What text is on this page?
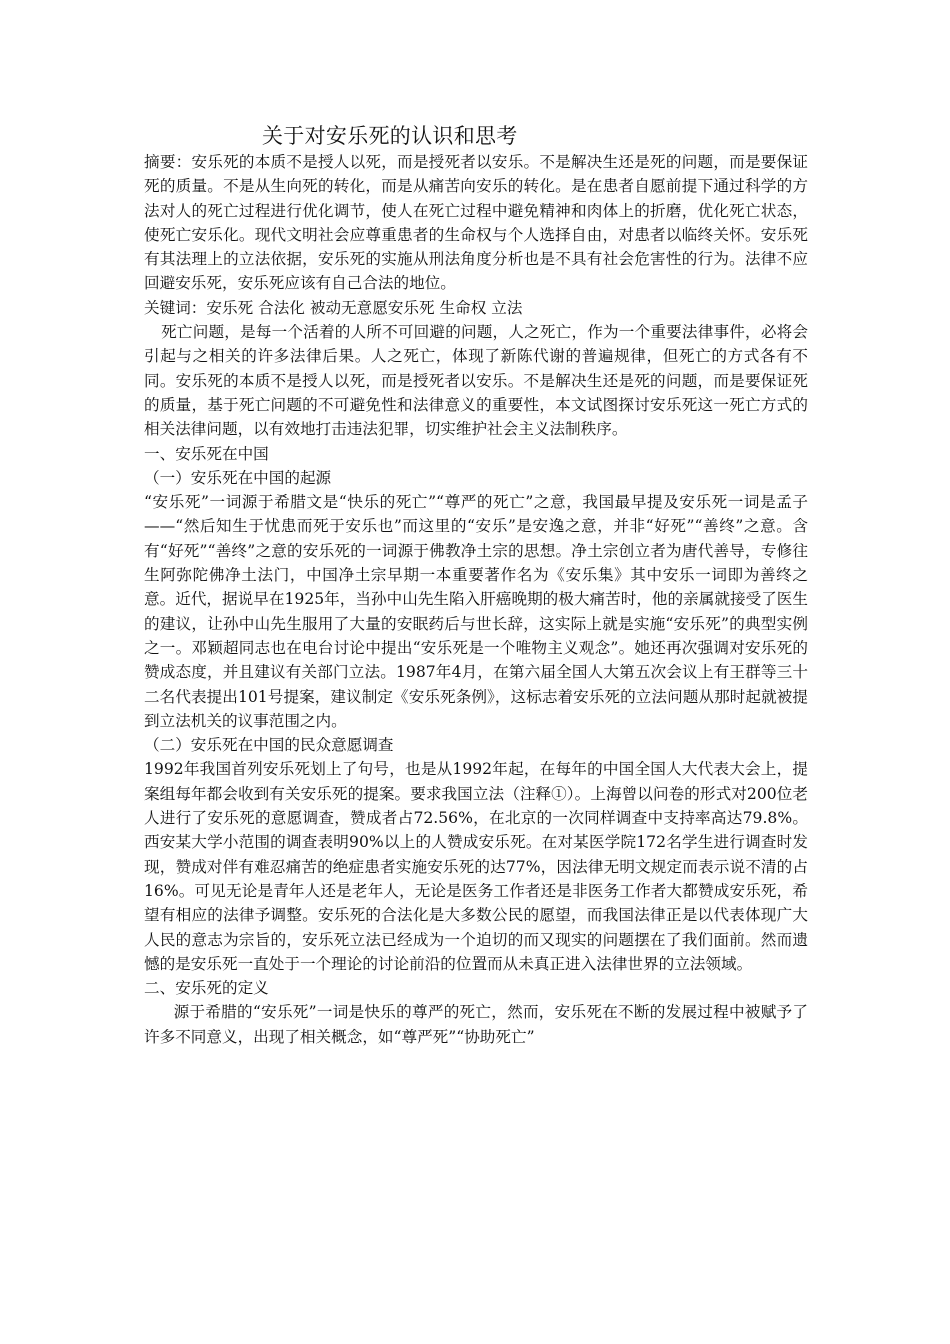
关于对安乐死的认识和思考

摘要：安乐死的本质不是授人以死，而是授死者以安乐。不是解决生还是死的问题，而是要保证死的质量。不是从生向死的转化，而是从痛苦向安乐的转化。是在患者自愿前提下通过科学的方法对人的死亡过程进行优化调节，使人在死亡过程中避免精神和肉体上的折磨，优化死亡状态，使死亡安乐化。现代文明社会应尊重患者的生命权与个人选择自由，对患者以临终关怀。安乐死有其法理上的立法依据，安乐死的实施从刑法角度分析也是不具有社会危害性的行为。法律不应回避安乐死，安乐死应该有自己合法的地位。

关键词：安乐死 合法化 被动无意愿安乐死 生命权 立法

死亡问题，是每一个活着的人所不可回避的问题，人之死亡，作为一个重要法律事件，必将会引起与之相关的许多法律后果。人之死亡，体现了新陈代谢的普遍规律，但死亡的方式各有不同。安乐死的本质不是授人以死，而是授死者以安乐。不是解决生还是死的问题，而是要保证死的质量，基于死亡问题的不可避免性和法律意义的重要性，本文试图探讨安乐死这一死亡方式的相关法律问题，以有效地打击违法犯罪，切实维护社会主义法制秩序。

一、安乐死在中国

（一）安乐死在中国的起源

“安乐死”一词源于希腊文是“快乐的死亡”“尊严的死亡”之意，我国最早提及安乐死一词是孟子——“然后知生于忧患而死于安乐也”而这里的“安乐”是安逸之意，并非“好死”“善终”之意。含有“好死”“善终”之意的安乐死的一词源于佛教净土宗的思想。净土宗创立者为唐代善导，专修往生阿弥陀佛净土法门，中国净土宗早期一本重要著作名为《安乐集》其中安乐一词即为善终之意。近代，据说早在1925年，当孙中山先生陷入肝癌晚期的极大痛苦时，他的亲属就接受了医生的建议，让孙中山先生服用了大量的安眠药后与世长辞，这实际上就是实施“安乐死”的典型实例之一。邓颖超同志也在电台讨论中提出“安乐死是一个唯物主义观念”。她还再次强调对安乐死的赞成态度，并且建议有关部门立法。1987年4月，在第六届全国人大第五次会议上有王群等三十二名代表提出101号提案，建议制定《安乐死条例》，这标志着安乐死的立法问题从那时起就被提到立法机关的议事范围之内。

（二）安乐死在中国的民众意愿调查

1992年我国首列安乐死划上了句号，也是从1992年起，在每年的中国全国人大代表大会上，提案组每年都会收到有关安乐死的提案。要求我国立法（注释①）。上海曾以问卷的形式对200位老人进行了安乐死的意愿调查，赞成者占72.56%，在北京的一次同样调查中支持率高达79.8%。西安某大学小范围的调查表明90%以上的人赞成安乐死。在对某医学院172名学生进行调查时发现，赞成对伴有难忍痛苦的绝症患者实施安乐死的达77%，因法律无明文规定而表示说不清的占16%。可见无论是青年人还是老年人，无论是医务工作者还是非医务工作者大都赞成安乐死，希望有相应的法律予调整。安乐死的合法化是大多数公民的愿望，而我国法律正是以代表体现广大人民的意志为宗旨的，安乐死立法已经成为一个迫切的而又现实的问题摆在了我们面前。然而遗憾的是安乐死一直处于一个理论的讨论前沿的位置而从未真正进入法律世界的立法领域。

二、安乐死的定义

源于希腊的“安乐死”一词是快乐的尊严的死亡，然而，安乐死在不断的发展过程中被赋予了许多不同意义，出现了相关概念，如“尊严死”“协助死亡”
